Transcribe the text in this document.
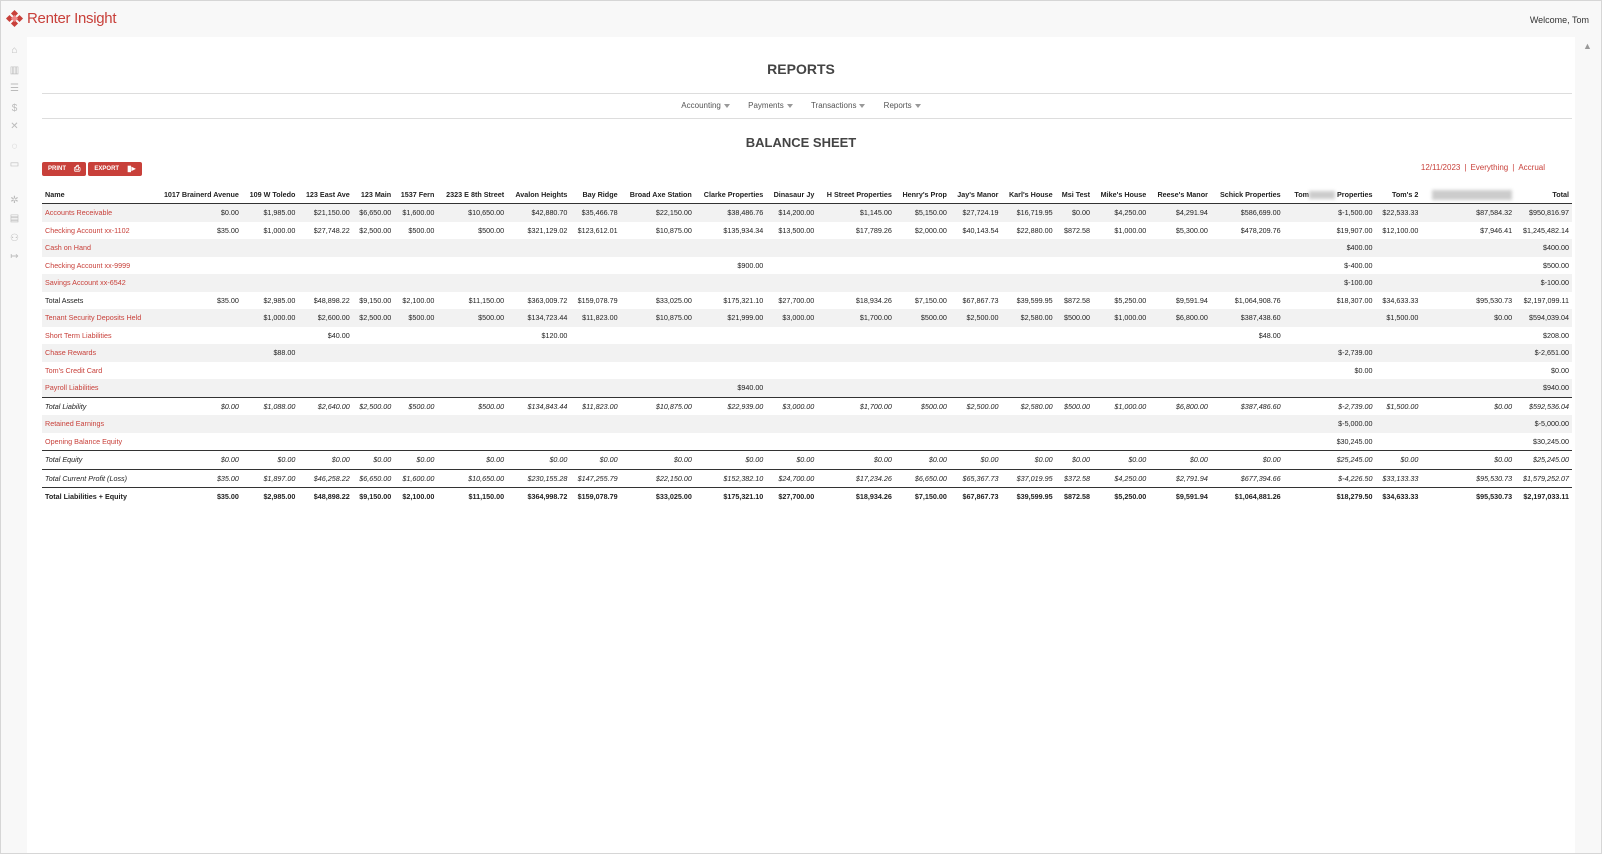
Renter Insight	Welcome, Tom
⌂
▥
☰
$
✕
◌
▭
✲
▤
⚇
↦
▲
REPORTS
Accounting	Payments	Transactions	Reports
BALANCE SHEET
PRINT ⎙ EXPORT ▮▸	12/11/2023 | Everything | Accrual
Name	1017 Brainerd Avenue	109 W Toledo	123 East Ave	123 Main	1537 Fern	2323 E 8th Street	Avalon Heights	Bay Ridge	Broad Axe Station	Clarke Properties	Dinasaur Jy	H Street Properties	Henry's Prop	Jay's Manor	Karl's House	Msi Test	Mike's House	Reese's Manor	Schick Properties	Tom Properties	Tom's 2		Total
Accounts Receivable	$0.00	$1,985.00	$21,150.00	$6,650.00	$1,600.00	$10,650.00	$42,880.70	$35,466.78	$22,150.00	$38,486.76	$14,200.00	$1,145.00	$5,150.00	$27,724.19	$16,719.95	$0.00	$4,250.00	$4,291.94	$586,699.00	$-1,500.00	$22,533.33	$87,584.32	$950,816.97
Checking Account xx-1102	$35.00	$1,000.00	$27,748.22	$2,500.00	$500.00	$500.00	$321,129.02	$123,612.01	$10,875.00	$135,934.34	$13,500.00	$17,789.26	$2,000.00	$40,143.54	$22,880.00	$872.58	$1,000.00	$5,300.00	$478,209.76	$19,907.00	$12,100.00	$7,946.41	$1,245,482.14
Cash on Hand																				$400.00			$400.00
Checking Account xx-9999										$900.00										$-400.00			$500.00
Savings Account xx-6542																				$-100.00			$-100.00
Total Assets	$35.00	$2,985.00	$48,898.22	$9,150.00	$2,100.00	$11,150.00	$363,009.72	$159,078.79	$33,025.00	$175,321.10	$27,700.00	$18,934.26	$7,150.00	$67,867.73	$39,599.95	$872.58	$5,250.00	$9,591.94	$1,064,908.76	$18,307.00	$34,633.33	$95,530.73	$2,197,099.11
Tenant Security Deposits Held		$1,000.00	$2,600.00	$2,500.00	$500.00	$500.00	$134,723.44	$11,823.00	$10,875.00	$21,999.00	$3,000.00	$1,700.00	$500.00	$2,500.00	$2,580.00	$500.00	$1,000.00	$6,800.00	$387,438.60		$1,500.00	$0.00	$594,039.04
Short Term Liabilities			$40.00				$120.00												$48.00				$208.00
Chase Rewards		$88.00																		$-2,739.00			$-2,651.00
Tom's Credit Card																				$0.00			$0.00
Payroll Liabilities										$940.00													$940.00
Total Liability	$0.00	$1,088.00	$2,640.00	$2,500.00	$500.00	$500.00	$134,843.44	$11,823.00	$10,875.00	$22,939.00	$3,000.00	$1,700.00	$500.00	$2,500.00	$2,580.00	$500.00	$1,000.00	$6,800.00	$387,486.60	$-2,739.00	$1,500.00	$0.00	$592,536.04
Retained Earnings																				$-5,000.00			$-5,000.00
Opening Balance Equity																				$30,245.00			$30,245.00
Total Equity	$0.00	$0.00	$0.00	$0.00	$0.00	$0.00	$0.00	$0.00	$0.00	$0.00	$0.00	$0.00	$0.00	$0.00	$0.00	$0.00	$0.00	$0.00	$0.00	$25,245.00	$0.00	$0.00	$25,245.00
Total Current Profit (Loss)	$35.00	$1,897.00	$46,258.22	$6,650.00	$1,600.00	$10,650.00	$230,155.28	$147,255.79	$22,150.00	$152,382.10	$24,700.00	$17,234.26	$6,650.00	$65,367.73	$37,019.95	$372.58	$4,250.00	$2,791.94	$677,394.66	$-4,226.50	$33,133.33	$95,530.73	$1,579,252.07
Total Liabilities + Equity	$35.00	$2,985.00	$48,898.22	$9,150.00	$2,100.00	$11,150.00	$364,998.72	$159,078.79	$33,025.00	$175,321.10	$27,700.00	$18,934.26	$7,150.00	$67,867.73	$39,599.95	$872.58	$5,250.00	$9,591.94	$1,064,881.26	$18,279.50	$34,633.33	$95,530.73	$2,197,033.11
